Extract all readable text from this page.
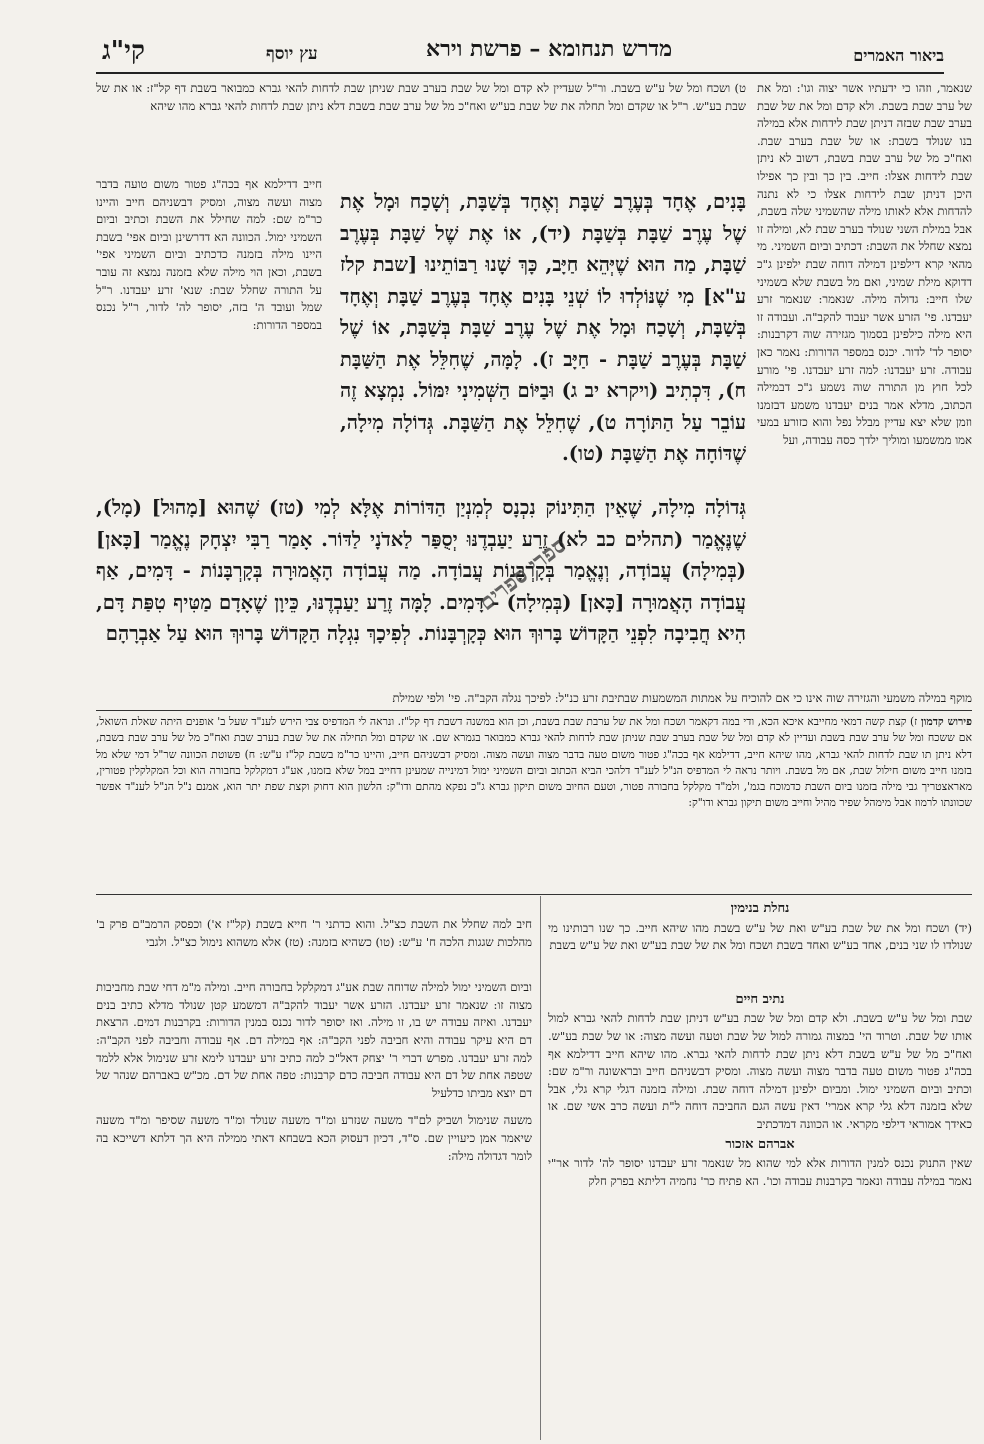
קי"ג	עץ יוסף	מדרש תנחומא – פרשת וירא	ביאור האמרים
ט) ושכח ומל של ע"ש בשבת. ור"ל שעדיין לא קדם ומל של שבת בערב שבת שניתן שבת לדחות להאי גברא כמבואר בשבת דף קל"ז: או את של שבת בע"ש. ר"ל או שקדם ומל תחלה את של שבת בע"ש ואח"כ מל של ערב שבת בשבת דלא ניתן שבת לדחות להאי גברא מהו שיהא
חייב דדילמא אף בכה"ג פטור משום טועה בדבר מצוה ועשה מצוה, ומסיק דבשניהם חייב והיינו כר"מ שם: למה שחילל את השבת וכתיב וביום השמיני ימול. הכוונה הא דדרשינן וביום אפי' בשבת היינו מילה בזמנה כדכתיב וביום השמיני אפי' בשבת, וכאן הוי מילה שלא בזמנה נמצא זה עובר על התורה שחלל שבת: שנא' זרע יעבדנו. ר"ל שמל ועובד ה' בזה, יסופר לה' לדור, ר"ל נכנס במספר הדורות:
בָּנִים, אֶחָד בְּעֶרֶב שַׁבָּת וְאֶחָד בְּשַׁבָּת, וְשָׁכַח וּמָל אֶת שֶׁל עֶרֶב שַׁבָּת בְּשַׁבָּת (יד), אוֹ אֶת שֶׁל שַׁבָּת בְּעֶרֶב שַׁבָּת, מַה הוּא שֶׁיְּהֵא חַיָּב, כָּךְ שָׁנוּ רַבּוֹתֵינוּ [שבת קלז ע"א] מִי שֶׁנּוֹלְדוּ לוֹ שְׁנֵי בָּנִים אֶחָד בְּעֶרֶב שַׁבָּת וְאֶחָד בְּשַׁבָּת, וְשָׁכַח וּמָל אֶת שֶׁל עֶרֶב שַׁבָּת בְּשַׁבָּת, אוֹ שֶׁל שַׁבָּת בְּעֶרֶב שַׁבָּת - חַיָּב ז). לָמָּה, שֶׁחִלֵּל אֶת הַשַּׁבָּת ח), דִּכְתִיב (ויקרא יב ג) וּבַיּוֹם הַשְּׁמִינִי יִמּוֹל. נִמְצָא זֶה עוֹבֵר עַל הַתּוֹרָה ט), שֶׁחִלֵּל אֶת הַשַּׁבָּת. גְּדוֹלָה מִילָה, שֶׁדּוֹחָה אֶת הַשַּׁבָּת (טו).
גְּדוֹלָה מִילָה, שֶׁאֵין הַתִּינוֹק נִכְנָס לְמִנְיַן הַדּוֹרוֹת אֶלָּא לְמִי (טז) שֶׁהוּא [מָהוּל] (מָל), שֶׁנֶּאֱמַר (תהלים כב לא) זֶרַע יַעַבְדֶנּוּ יְסֻפַּר לַאדֹנָי לַדּוֹר. אָמַר רַבִּי יִצְחָק נֶאֱמַר [כָּאן] (בְּמִילָה) עֲבוֹדָה, וְנֶאֱמַר בְּקָרְבָּנוֹת עֲבוֹדָה. מַה עֲבוֹדָה הָאֲמוּרָה בְּקָרְבָּנוֹת - דָּמִים, אַף עֲבוֹדָה הָאֲמוּרָה [כָּאן] (בְּמִילָה) - דָּמִים. לָמָּה זֶרַע יַעַבְדֶנּוּ, כֵּיוָן שֶׁאָדָם מַטִּיף טִפַּת דָּם, הִיא חֲבִיבָה לִפְנֵי הַקָּדוֹשׁ בָּרוּךְ הוּא כְּקָרְבָּנוֹת. לְפִיכָךְ נִגְלָה הַקָּדוֹשׁ בָּרוּךְ הוּא עַל אַבְרָהָם
שנאמר, וזהו כי ידעתיו אשר יצוה וגו': ומל את של ערב שבת בשבת. ולא קדם ומל את של שבת בערב שבת שבזה דניתן שבת לידחות אלא במילה בנו שנולד בשבת: או של שבת בערב שבת. ואח"כ מל של ערב שבת בשבת, דשוב לא ניתן שבת לידחות אצלו: חייב. בין כך ובין כך אפילו היכן דניתן שבת לידחות אצלו כי לא נתנה להדחות אלא לאותו מילה שהשמיני שלה בשבת, אבל במילת השני שנולד בערב שבת לא, ומילה זו נמצא שחלל את השבת: דכתיב וביום השמיני. מי מהאי קרא דילפינן דמילה דוחה שבת ילפינן ג"כ דדוקא מילת שמיני, ואם מל בשבת שלא בשמיני שלו חייב: גדולה מילה. שנאמר: שנאמר זרע יעבדנו. פי' הזרע אשר יעבוד להקב"ה. ועבודה זו היא מילה כילפינן בסמוך מגזירה שוה דקרבנות: יסופר לד' לדור. יכנס במספר הדורות: נאמר כאן עבודה. זרע יעבדנו: למה זרע יעבדנו. פי' מורע לכל חוץ מן התורה שוה נשמע ג"כ דבמילה הכתוב, מדלא אמר בנים יעבדנו משמע דבזמנו וזמן שלא יצא עדיין מבלל נפל והוא כזורע במעי אמו ממשמעו ומוליך ילדך כסה עבודה, ועל
מוקף במילה משמעי והגזירה שוה אינו כי אם להוכיח על אמתות המשמעות שבתיבת זרע כנ"ל: לפיכך נגלה הקב"ה. פי' ולפי שמילת
פירוש קדמון ז) קצת קשה דמאי מחייבא איכא הכא, ודי במה דקאמר ושכח ומל את של ערבת שבת בשבת, וכן הוא במשנה דשבת דף קל"ז. ונראה לי המדפיס צבי הירש לענ"ד שעל ב' אופנים היתה שאלת השואל, אם ששכח ומל של ערב שבת בשבת ועדיין לא קדם ומל של שבת בערב שבת שניתן שבת לדחות להאי גברא כמבואר בגמרא שם. או שקדם ומל תחילה את של שבת בערב שבת ואח"כ מל של ערב שבת בשבת, דלא ניתן תו שבת לדחות להאי גברא, מהו שיהא חייב, דדילמא אף בכה"ג פטור משום טעה בדבר מצוה ועשה מצוה. ומסיק דבשניהם חייב, והיינו כר"מ בשבת קל"ז ע"ש: ח) פשוטת הכוונה שר"ל דמי שלא מל בזמנו חייב משום חילול שבת, אם מל בשבת. ויותר נראה לי המדפיס הנ"ל לענ"ד דלהכי הביא הכתוב וביום השמיני ימול דמינייה שמעינן דחייב במל שלא בזמנו, אע"ג דמקלקל בחבורה הוא וכל המקלקלין פטורין, מאראצטריך גבי מילה בזמנו ביום השבת כדמוכח בגמ', ולמ"ד מקלקל בחבורה פטור, וטעם החיוב משום תיקון גברא ג"כ נפקא מהתם ודו"ק: הלשון הוא דחוק וקצת שפת יתר הוא, אמנם נ"ל הנ"ל לענ"ד אפשר שכוונתו לרמוז אבל מימהל שפיר מהיל וחייב משום תיקון גברא ודו"ק:
נחלת בנימין
(יד) ושכח ומל את של שבת בע"ש ואת של ע"ש בשבת מהו שיהא חייב. כך שנו רבותינו מי שנולדו לו שני בנים, אחד בע"ש ואחד בשבת ושכח ומל את של שבת בע"ש ואת של ע"ש בשבת
נתיב חיים
שבת ומל של ע"ש בשבת. ולא קדם ומל של שבת בע"ש דניתן שבת לדחות להאי גברא למול אותו של שבת. וטרוד הי' במצוה גמורה למול של שבת וטעה ועשה מצוה: או של שבת בע"ש. ואח"כ מל של ע"ש בשבת דלא ניתן שבת לדחות להאי גברא. מהו שיהא חייב דדילמא אף בכה"ג פטור משום טעה בדבר מצוה ועשה מצוה. ומסיק דבשניהם חייב ובראשונה ור"מ שם: וכתיב וביום השמיני ימול. ומביום ילפינן דמילה דוחה שבת. ומילה בזמנה דגלי קרא גלי, אבל שלא בזמנה דלא גלי קרא אמרי' דאין עשה הגם החביבה דוחה ל"ת ועשה כרב אשי שם. או כאידך אמוראי דילפי מקראי. או הכוונה דמדכתיב
אברהם אזכור
שאין התנוק נכנס למנין הדורות אלא למי שהוא מל שנאמר זרע יעבדנו יסופר לה' לדור אר"י נאמר במילה עבודה ונאמר בקרבנות עבודה וכו'. הא פתיח כר' נחמיה דליתא בפרק חלק
חיב למה שחלל את השבת כצ"ל. והוא כדתני ר' חייא בשבת (קל"ז א') וכפסק הרמב"ם פרק ב' מהלכות שגגות הלכה ח' ע"ש: (טו) כשהיא בזמנה: (טז) אלא משהוא נימול כצ"ל. ולגבי
וביום השמיני ימול למילה שדוחה שבת אע"ג דמקלקל בחבורה חייב. ומילה מ"מ דחי שבת מחביבות מצוה זו: שנאמר זרע יעבדנו. הזרע אשר יעבוד להקב"ה דמשמע קטן שנולד מדלא כתיב בנים יעבדנו. ואיזה עבודה יש בו, זו מילה. ואז יסופר לדור נכנס במנין הדורות: בקרבנות דמים. הרצאת דם היא עיקר עבודה והיא חביבה לפני הקב"ה: אף במילה דם. אף עבודה וחביבה לפני הקב"ה: למה זרע יעבדנו. מפרש דברי ר' יצחק דאל"כ למה כתיב זרע יעבדנו לימא זרע שנימול אלא ללמד שטפה אחת של דם היא עבודה חביבה כדם קרבנות: טפה אחת של דם. מכ"ש באברהם שנהר של דם יוצא מביתו כדלעיל
משעה שנימול ושביק לם"ד משעה שנזרע ומ"ד משעה שנולד ומ"ד משעה שסיפר ומ"ד משעה שיאמר אמן כיעויין שם. ס"ד, דכיון דעסוק הכא בשבחא דאתי ממילה היא הך דלתא דשייכא בה לומר דגדולה מילה:
ספרי ספרים
